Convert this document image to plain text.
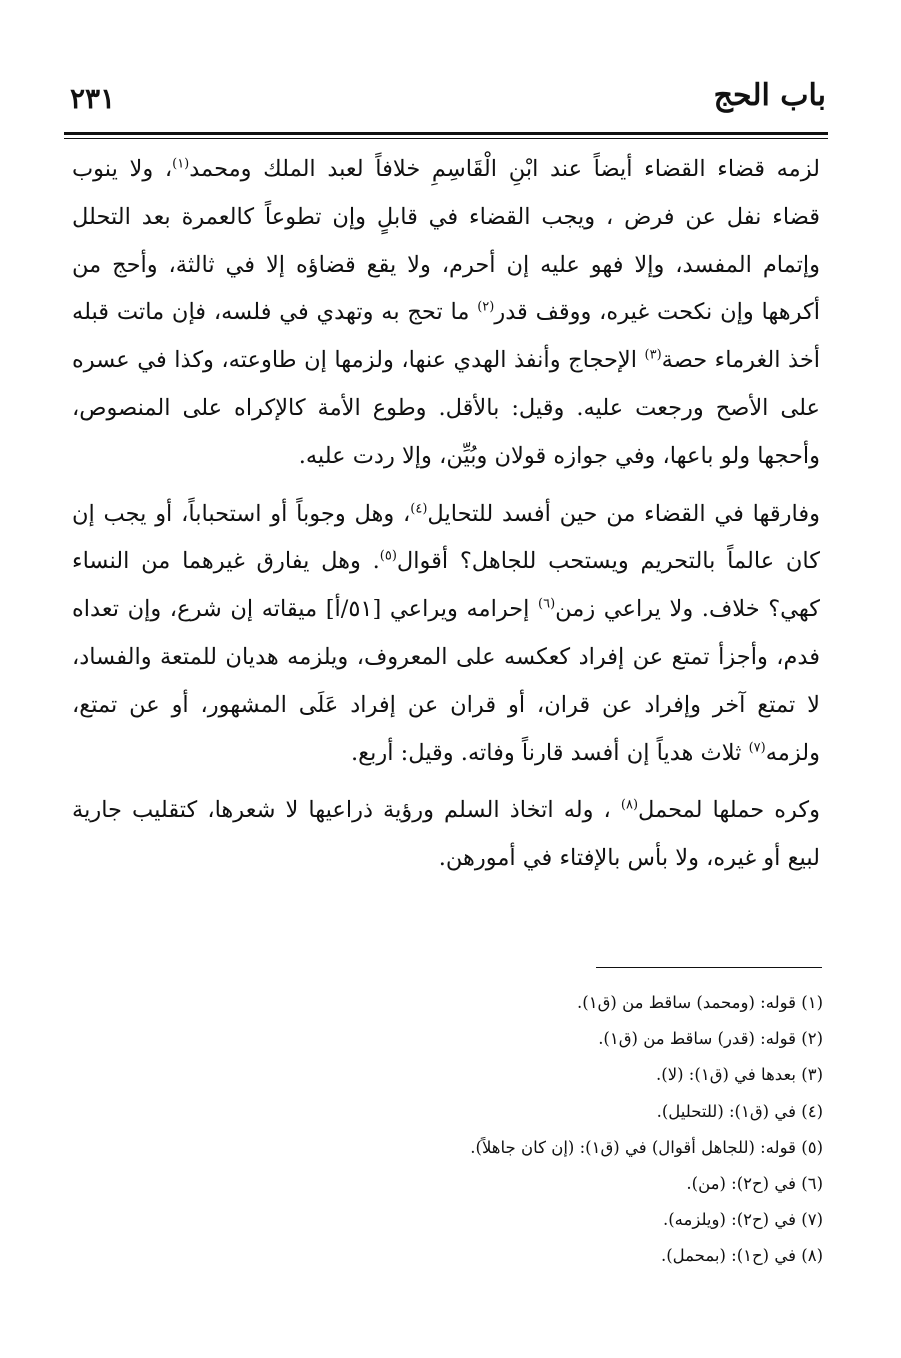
باب الحج
٢٣١

لزمه قضاء القضاء أيضاً عند ابْنِ الْقَاسِمِ خلافاً لعبد الملك ومحمد$^{(١)}$، ولا ينوب قضاء نفل عن فرض ، ويجب القضاء في قابلٍ وإن تطوعاً كالعمرة بعد التحلل وإتمام المفسد، وإلا فهو عليه إن أحرم، ولا يقع قضاؤه إلا في ثالثة، وأحج من أكرهها وإن نكحت غيره، ووقف قدر$^{(٢)}$ ما تحج به وتهدي في فلسه، فإن ماتت قبله أخذ الغرماء حصة$^{(٣)}$ الإحجاج وأنفذ الهدي عنها، ولزمها إن طاوعته، وكذا في عسره على الأصح ورجعت عليه. وقيل: بالأقل. وطوع الأمة كالإكراه على المنصوص، وأحجها ولو باعها، وفي جوازه قولان وبُيِّن، وإلا ردت عليه.

وفارقها في القضاء من حين أفسد للتحايل$^{(٤)}$، وهل وجوباً أو استحباباً، أو يجب إن كان عالماً بالتحريم ويستحب للجاهل؟ أقوال$^{(٥)}$. وهل يفارق غيرهما من النساء كهي؟ خلاف. ولا يراعي زمن$^{(٦)}$ إحرامه ويراعي [٥١/أ] ميقاته إن شرع، وإن تعداه فدم، وأجزأ تمتع عن إفراد كعكسه على المعروف، ويلزمه هديان للمتعة والفساد، لا تمتع آخر وإفراد عن قران، أو قران عن إفراد عَلَى المشهور، أو عن تمتع، ولزمه$^{(٧)}$ ثلاث هدياً إن أفسد قارناً وفاته. وقيل: أربع.

وكره حملها لمحمل$^{(٨)}$ ، وله اتخاذ السلم ورؤية ذراعيها لا شعرها، كتقليب جارية لبيع أو غيره، ولا بأس بالإفتاء في أمورهن.

(١) قوله: (ومحمد) ساقط من (ق١).
(٢) قوله: (قدر) ساقط من (ق١).
(٣) بعدها في (ق١): (لا).
(٤) في (ق١): (للتحليل).
(٥) قوله: (للجاهل أقوال) في (ق١): (إن كان جاهلاً).
(٦) في (ح٢): (من).
(٧) في (ح٢): (ويلزمه).
(٨) في (ح١): (بمحمل).
